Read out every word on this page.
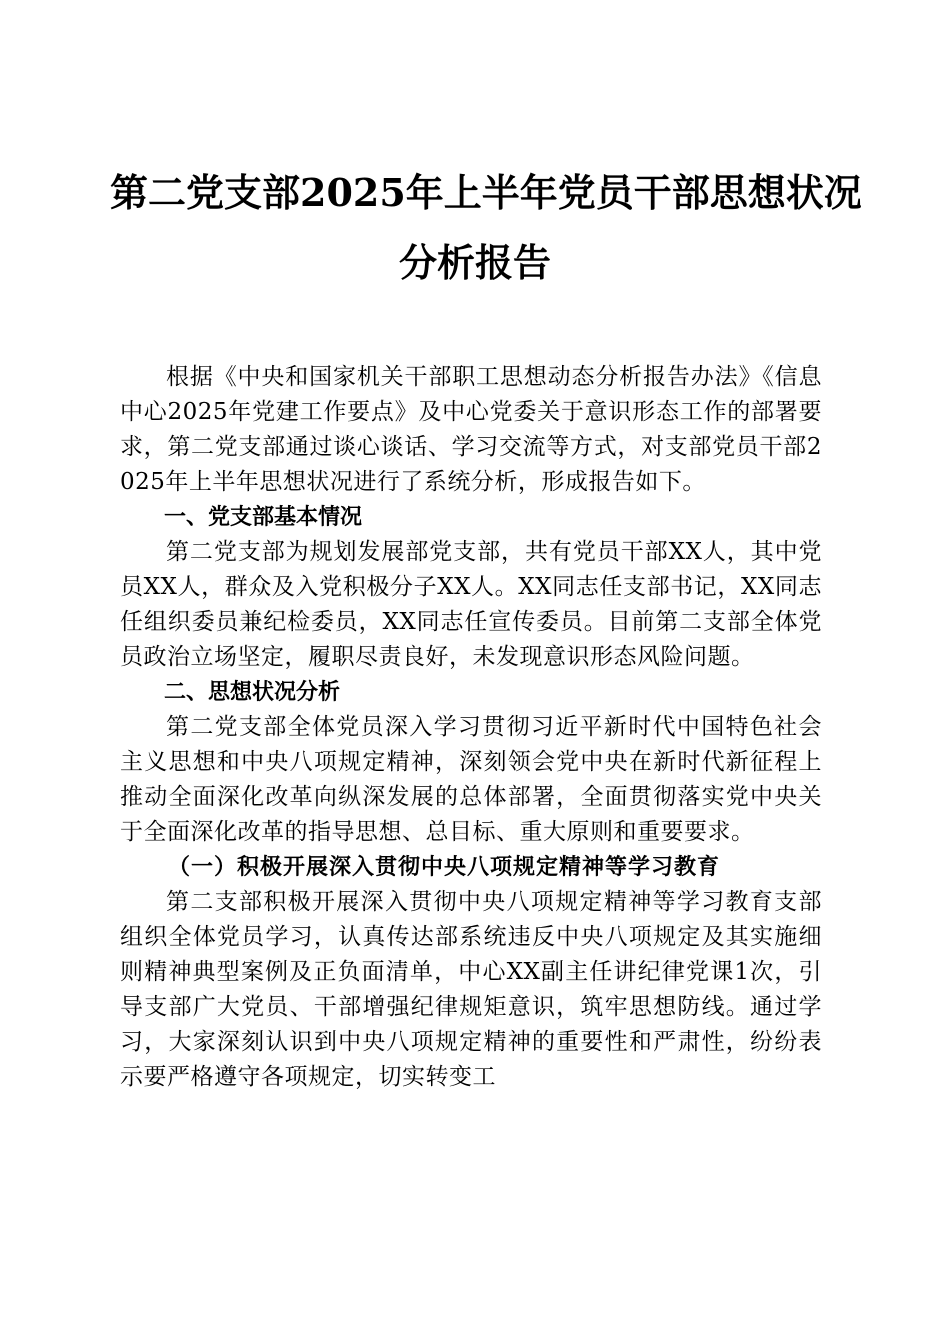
第二党支部2025年上半年党员干部思想状况
分析报告

根据《中央和国家机关干部职工思想动态分析报告办法》《信息中心2025年党建工作要点》及中心党委关于意识形态工作的部署要求，第二党支部通过谈心谈话、学习交流等方式，对支部党员干部2025年上半年思想状况进行了系统分析，形成报告如下。

一、党支部基本情况

第二党支部为规划发展部党支部，共有党员干部XX人，其中党员XX人，群众及入党积极分子XX人。XX同志任支部书记，XX同志任组织委员兼纪检委员，XX同志任宣传委员。目前第二支部全体党员政治立场坚定，履职尽责良好，未发现意识形态风险问题。

二、思想状况分析

第二党支部全体党员深入学习贯彻习近平新时代中国特色社会主义思想和中央八项规定精神，深刻领会党中央在新时代新征程上推动全面深化改革向纵深发展的总体部署，全面贯彻落实党中央关于全面深化改革的指导思想、总目标、重大原则和重要要求。

（一）积极开展深入贯彻中央八项规定精神等学习教育

第二支部积极开展深入贯彻中央八项规定精神等学习教育支部组织全体党员学习，认真传达部系统违反中央八项规定及其实施细则精神典型案例及正负面清单，中心XX副主任讲纪律党课1次，引导支部广大党员、干部增强纪律规矩意识，筑牢思想防线。通过学习，大家深刻认识到中央八项规定精神的重要性和严肃性，纷纷表示要严格遵守各项规定，切实转变工
